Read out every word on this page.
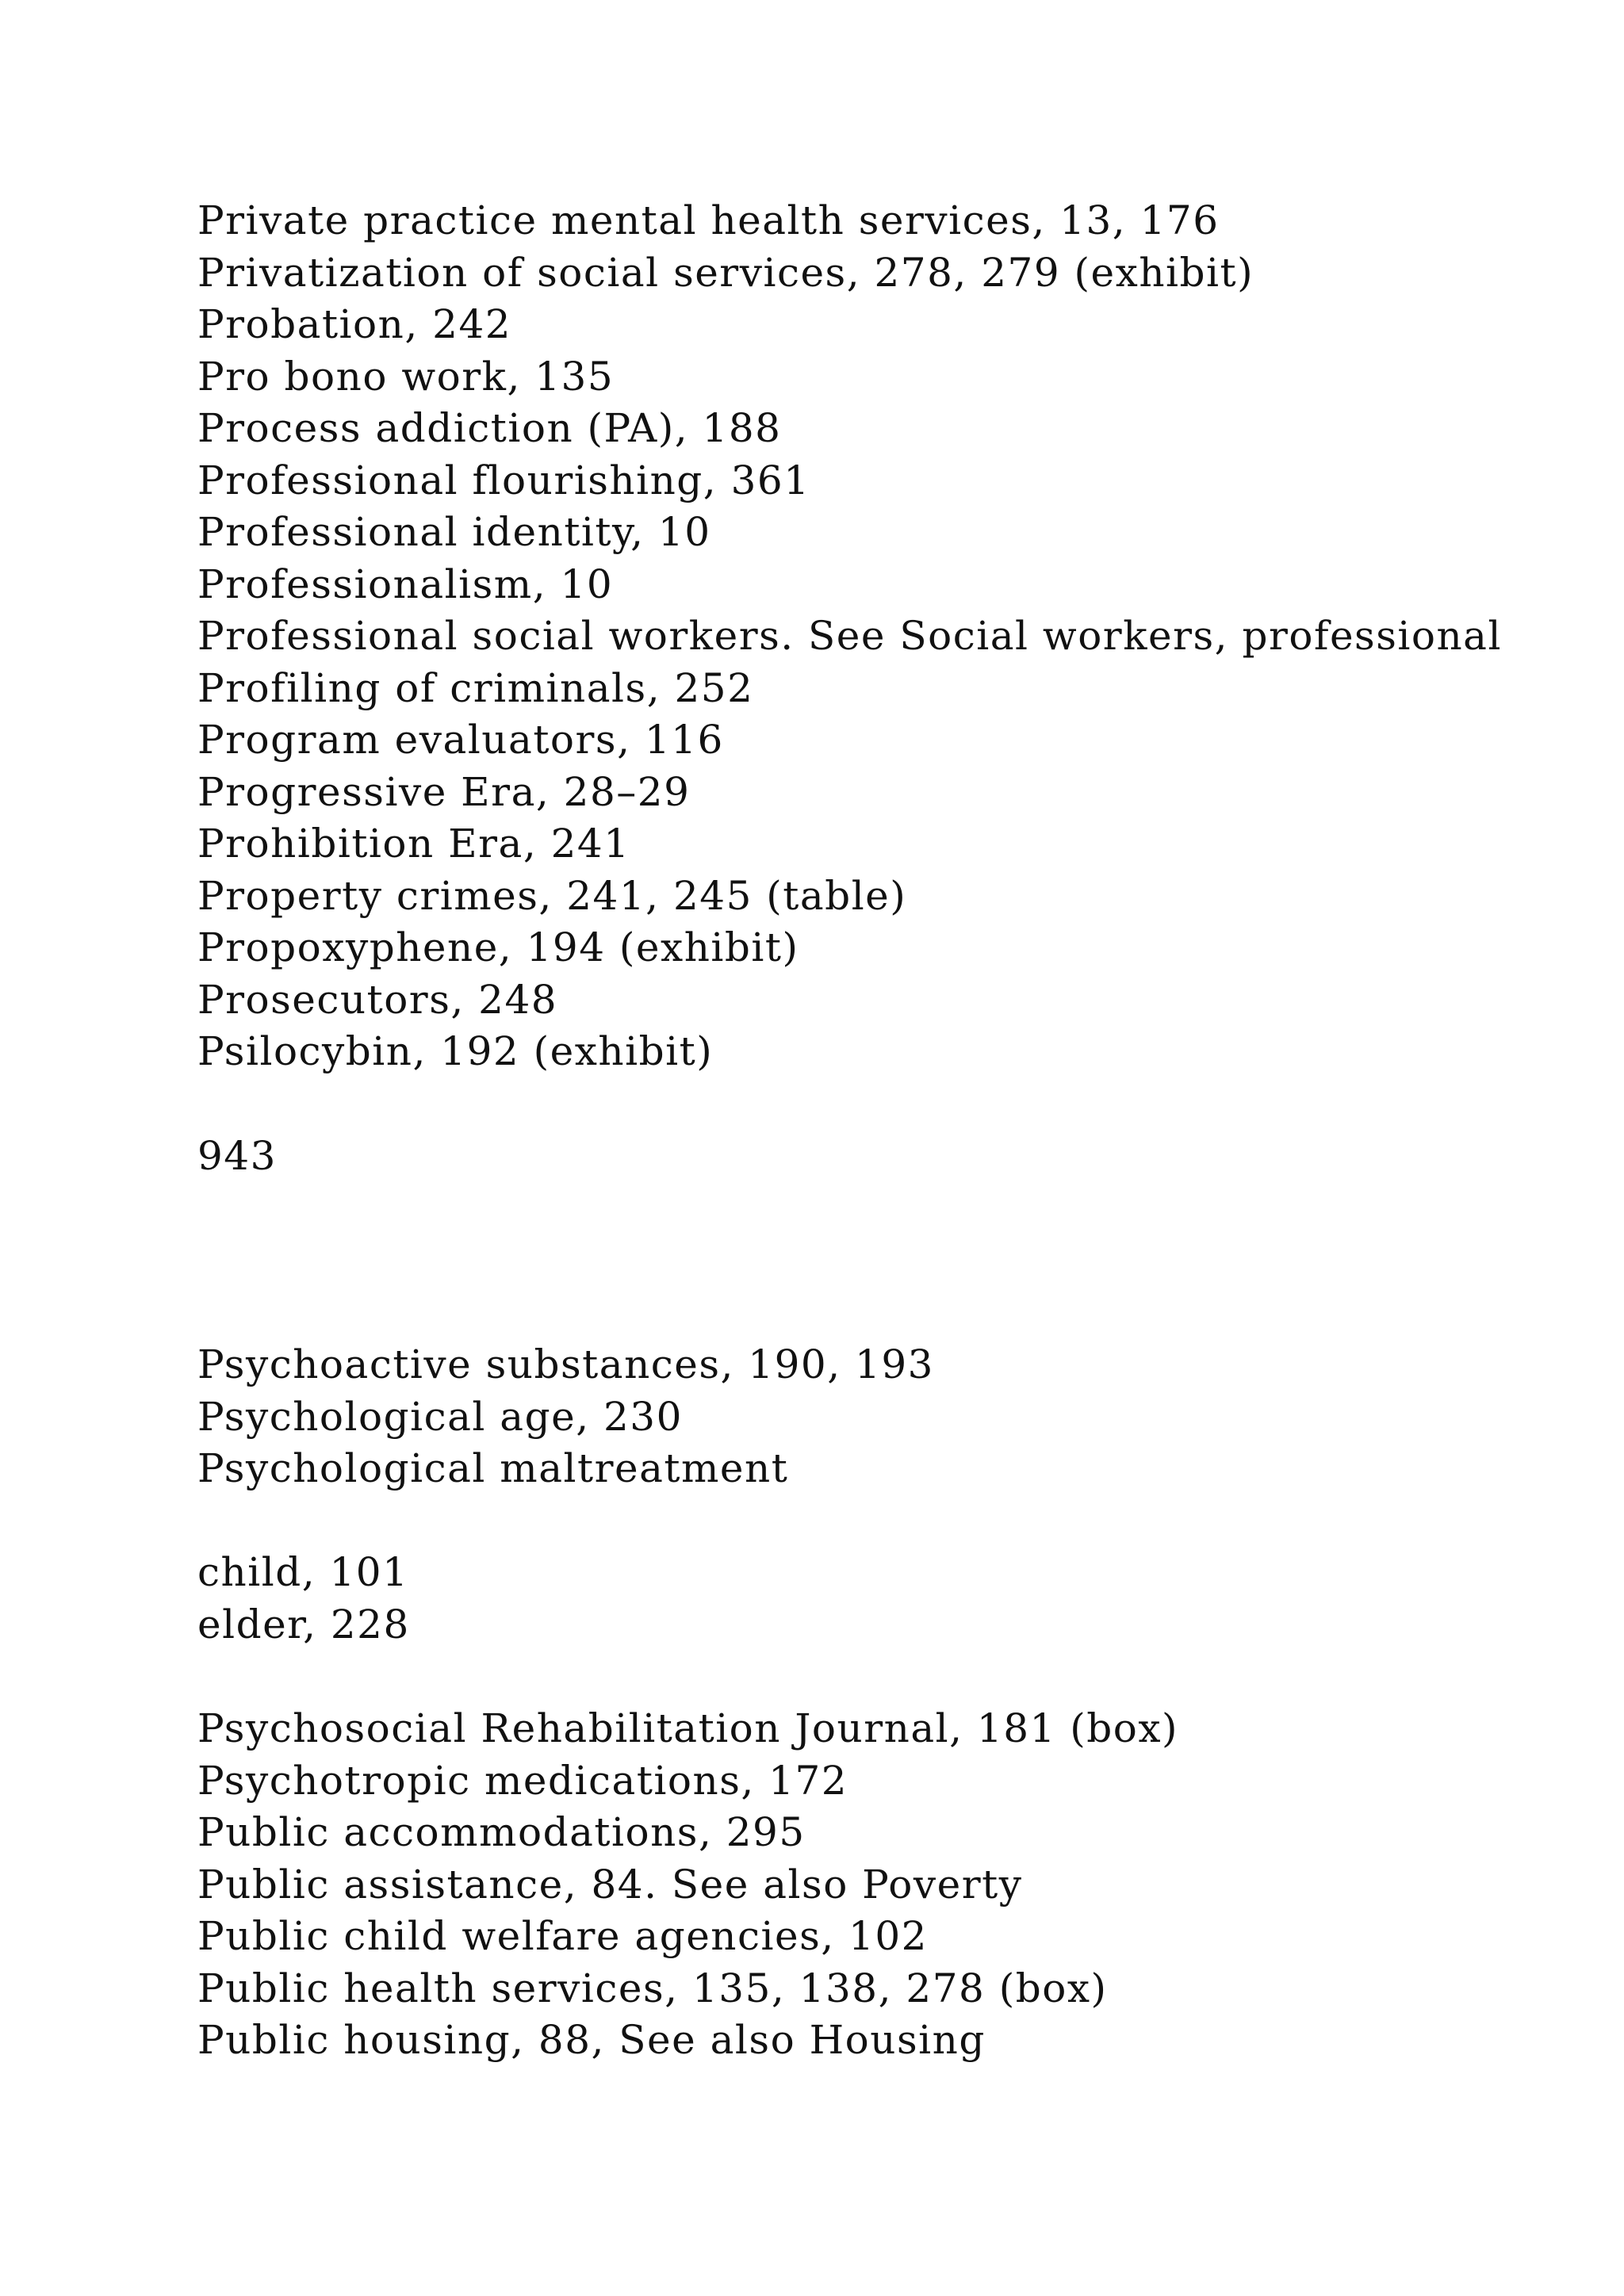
Private practice mental health services, 13, 176
Privatization of social services, 278, 279 (exhibit)
Probation, 242
Pro bono work, 135
Process addiction (PA), 188
Professional flourishing, 361
Professional identity, 10
Professionalism, 10
Professional social workers. See Social workers, professional
Profiling of criminals, 252
Program evaluators, 116
Progressive Era, 28–29
Prohibition Era, 241
Property crimes, 241, 245 (table)
Propoxyphene, 194 (exhibit)
Prosecutors, 248
Psilocybin, 192 (exhibit)
943
Psychoactive substances, 190, 193
Psychological age, 230
Psychological maltreatment
child, 101
elder, 228
Psychosocial Rehabilitation Journal, 181 (box)
Psychotropic medications, 172
Public accommodations, 295
Public assistance, 84. See also Poverty
Public child welfare agencies, 102
Public health services, 135, 138, 278 (box)
Public housing, 88, See also Housing
